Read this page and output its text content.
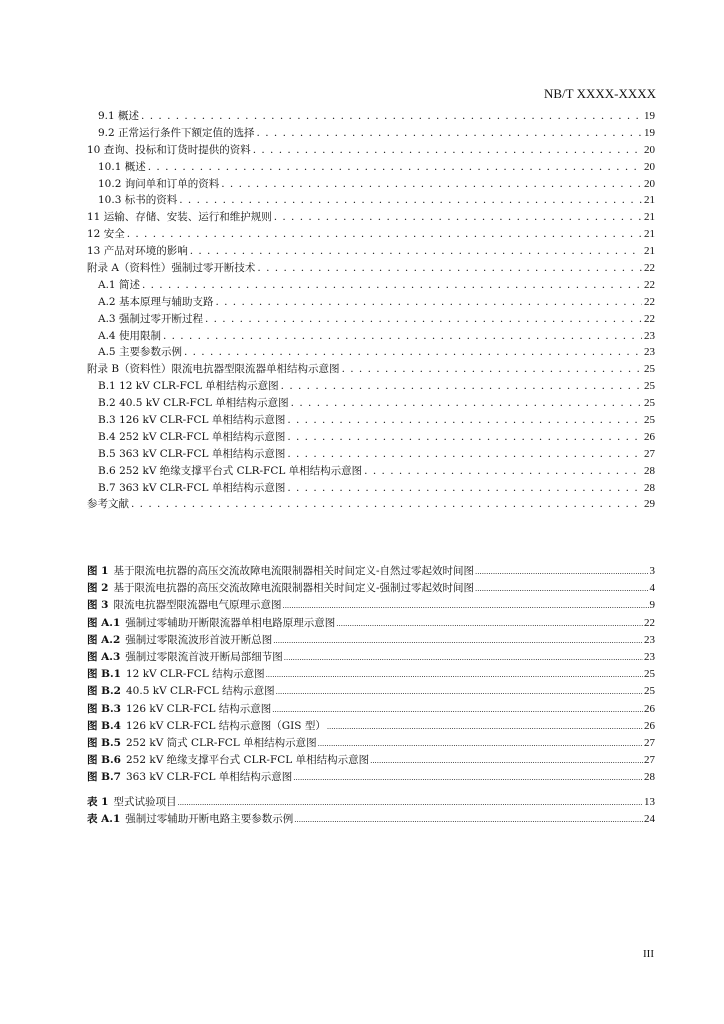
NB/T XXXX-XXXX
9.1 概述 . . .	19
9.2 正常运行条件下额定值的选择 . . .	19
10 查询、投标和订货时提供的资料 . . .	20
10.1 概述 . . .	20
10.2 询问单和订单的资料 . . .	20
10.3 标书的资料 . . .	21
11 运输、存储、安装、运行和维护规则 . . .	21
12 安全 . . .	21
13 产品对环境的影响 . . .	21
附录 A（资料性）强制过零开断技术 . . .	22
A.1 简述 . . .	22
A.2 基本原理与辅助支路 . . .	22
A.3 强制过零开断过程 . . .	22
A.4 使用限制 . . .	23
A.5 主要参数示例 . . .	23
附录 B（资料性）限流电抗器型限流器单相结构示意图 . . .	25
B.1 12 kV CLR-FCL 单相结构示意图 . . .	25
B.2 40.5 kV CLR-FCL 单相结构示意图 . . .	25
B.3 126 kV CLR-FCL 单相结构示意图 . . .	25
B.4 252 kV CLR-FCL 单相结构示意图 . . .	26
B.5 363 kV CLR-FCL 单相结构示意图 . . .	27
B.6 252 kV 绝缘支撑平台式 CLR-FCL 单相结构示意图 . . .	28
B.7 363 kV CLR-FCL 单相结构示意图 . . .	28
参考文献 . . .	29
图 1 基于限流电抗器的高压交流故障电流限制器相关时间定义-自然过零起效时间图 .....	3
图 2 基于限流电抗器的高压交流故障电流限制器相关时间定义-强制过零起效时间图 .....	4
图 3 限流电抗器型限流器电气原理示意图 .....	9
图 A.1 强制过零辅助开断限流器单相电路原理示意图 .....	22
图 A.2 强制过零限流波形首波开断总图 .....	23
图 A.3 强制过零限流首波开断局部细节图 .....	23
图 B.1 12 kV CLR-FCL 结构示意图 .....	25
图 B.2 40.5 kV CLR-FCL 结构示意图 .....	25
图 B.3 126 kV CLR-FCL 结构示意图 .....	26
图 B.4 126 kV CLR-FCL 结构示意图（GIS 型） .....	26
图 B.5 252 kV 筒式 CLR-FCL 单相结构示意图 .....	27
图 B.6 252 kV 绝缘支撑平台式 CLR-FCL 单相结构示意图 .....	27
图 B.7 363 kV CLR-FCL 单相结构示意图 .....	28
表 1 型式试验项目 .....	13
表 A.1 强制过零辅助开断电路主要参数示例 .....	24
III
